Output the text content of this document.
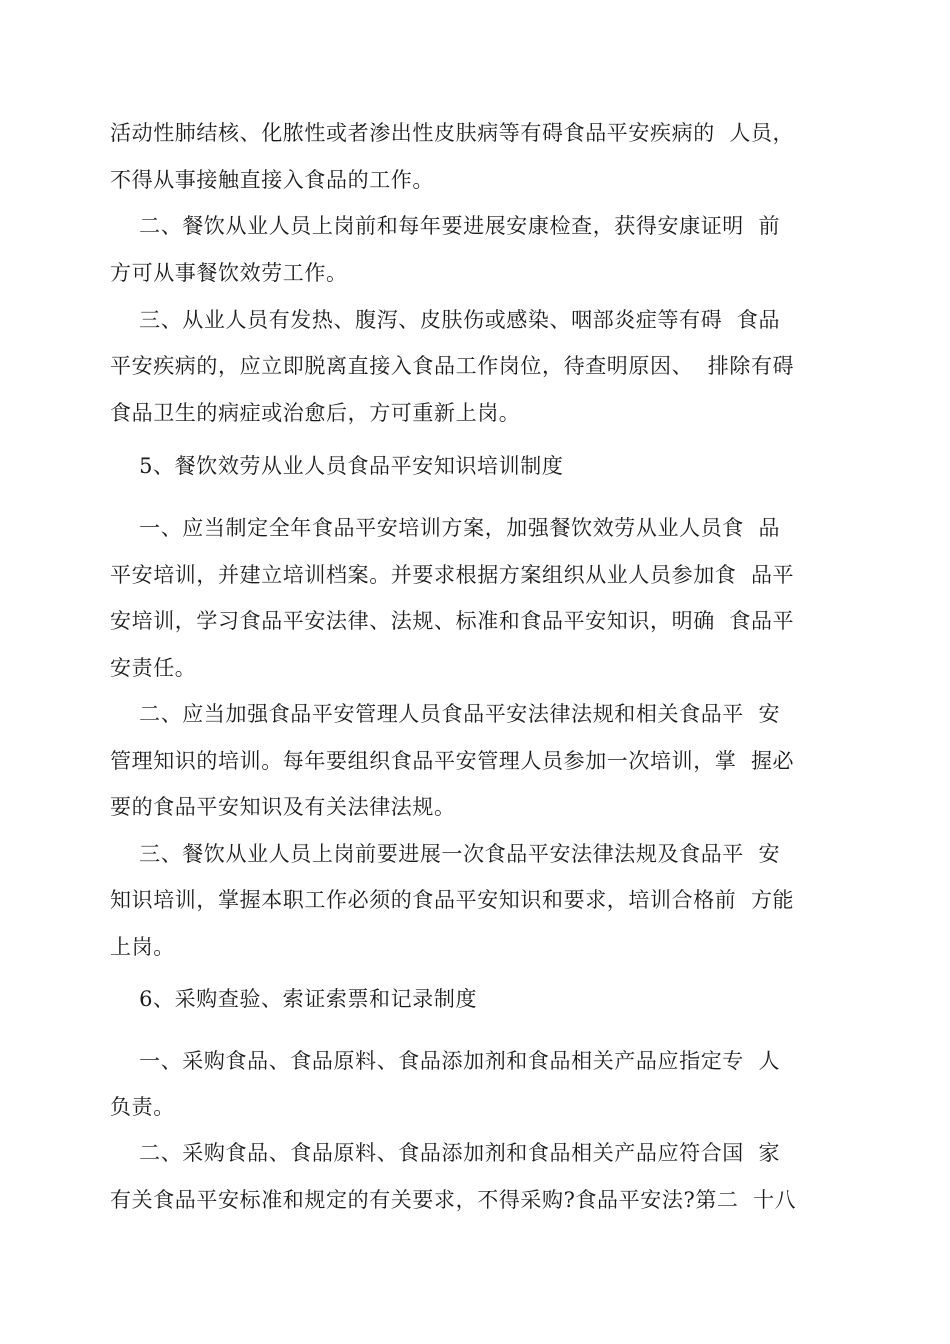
活动性肺结核、化脓性或者渗出性皮肤病等有碍食品平安疾病的  人员，
不得从事接触直接入食品的工作。
二、餐饮从业人员上岗前和每年要进展安康检查，获得安康证明  前
方可从事餐饮效劳工作。
三、从业人员有发热、腹泻、皮肤伤或感染、咽部炎症等有碍  食品
平安疾病的，应立即脱离直接入食品工作岗位，待查明原因、  排除有碍
食品卫生的病症或治愈后，方可重新上岗。
5、餐饮效劳从业人员食品平安知识培训制度
一、应当制定全年食品平安培训方案，加强餐饮效劳从业人员食  品
平安培训，并建立培训档案。并要求根据方案组织从业人员参加食  品平
安培训，学习食品平安法律、法规、标准和食品平安知识，明确  食品平
安责任。
二、应当加强食品平安管理人员食品平安法律法规和相关食品平  安
管理知识的培训。每年要组织食品平安管理人员参加一次培训，掌  握必
要的食品平安知识及有关法律法规。
三、餐饮从业人员上岗前要进展一次食品平安法律法规及食品平  安
知识培训，掌握本职工作必须的食品平安知识和要求，培训合格前  方能
上岗。
6、采购查验、索证索票和记录制度
一、采购食品、食品原料、食品添加剂和食品相关产品应指定专  人
负责。
二、采购食品、食品原料、食品添加剂和食品相关产品应符合国  家
有关食品平安标准和规定的有关要求，不得采购?食品平安法?第二  十八
